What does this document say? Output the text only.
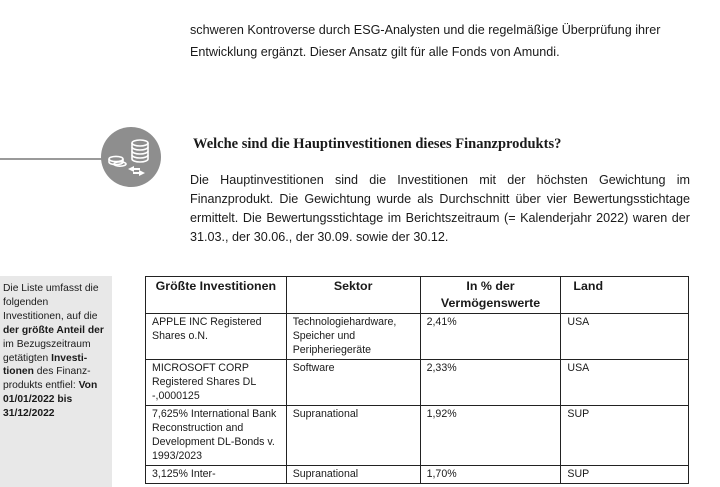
schweren Kontroverse durch ESG-Analysten und die regelmäßige Überprüfung ihrer
Entwicklung ergänzt. Dieser Ansatz gilt für alle Fonds von Amundi.
Welche sind die Hauptinvestitionen dieses Finanzprodukts?
Die Hauptinvestitionen sind die Investitionen mit der höchsten Gewichtung im Finanzprodukt. Die Gewichtung wurde als Durchschnitt über vier Bewertungsstichtage ermittelt. Die Bewertungsstichtage im Berichtszeitraum (= Kalenderjahr 2022) waren der 31.03., der 30.06., der 30.09. sowie der 30.12.
Die Liste umfasst die folgenden Investitionen, auf die der größte Anteil der im Bezugszeitraum getätigten Investi-tionen des Finanz-produkts entfiel: Von 01/01/2022 bis 31/12/2022
Größte Investitionen	Sektor	In % der Vermögenswerte	Land
APPLE INC Registered Shares o.N.	Technologiehardware, Speicher und Peripheriegeräte	2,41%	USA
MICROSOFT CORP Registered Shares DL -,0000125	Software	2,33%	USA
7,625% International Bank Reconstruction and Development DL-Bonds v. 1993/2023	Supranational	1,92%	SUP
3,125% Inter-	Supranational	1,70%	SUP
